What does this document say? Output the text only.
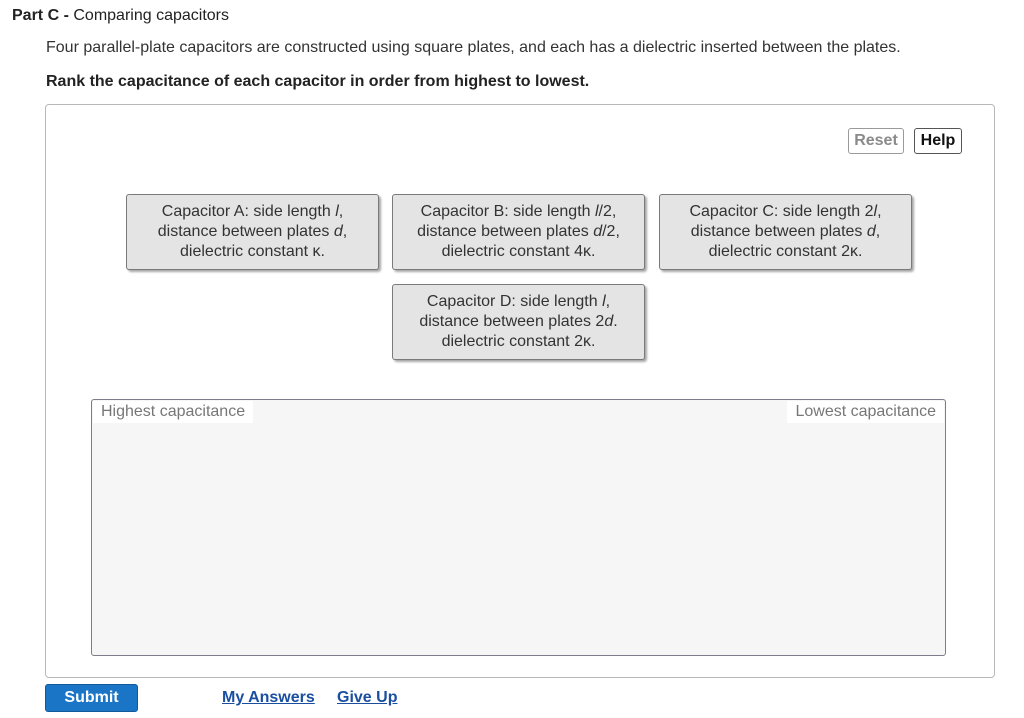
Part C - Comparing capacitors
Four parallel-plate capacitors are constructed using square plates, and each has a dielectric inserted between the plates.
Rank the capacitance of each capacitor in order from highest to lowest.
Reset	Help
Capacitor A: side length l,
distance between plates d,
dielectric constant κ.
Capacitor B: side length l/2,
distance between plates d/2,
dielectric constant 4κ.
Capacitor C: side length 2l,
distance between plates d,
dielectric constant 2κ.
Capacitor D: side length l,
distance between plates 2d.
dielectric constant 2κ.
Highest capacitance	Lowest capacitance
Submit	My Answers Give Up
